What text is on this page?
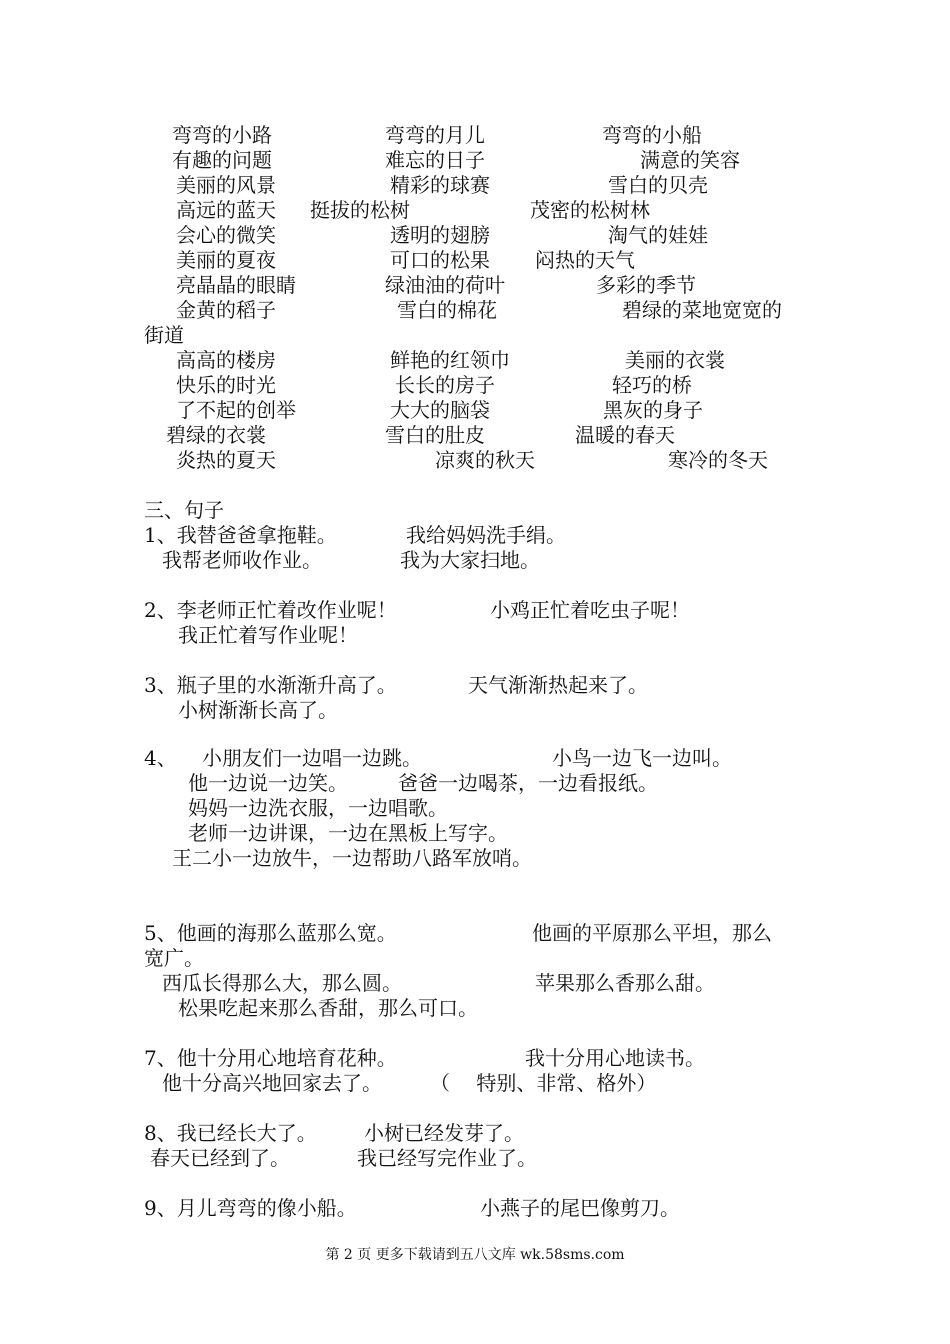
弯弯的小路	弯弯的月儿	弯弯的小船
有趣的问题	难忘的日子	满意的笑容
美丽的风景	精彩的球赛	雪白的贝壳
高远的蓝天 挺拔的松树	茂密的松树林
会心的微笑	透明的翅膀	淘气的娃娃
美丽的夏夜	可口的松果 闷热的天气
亮晶晶的眼睛	绿油油的荷叶	多彩的季节
金黄的稻子	雪白的棉花	碧绿的菜地宽宽的
街道
高高的楼房	鲜艳的红领巾	美丽的衣裳
快乐的时光	长长的房子	轻巧的桥
了不起的创举	大大的脑袋	黑灰的身子
碧绿的衣裳	雪白的肚皮	温暖的春天
炎热的夏天	凉爽的秋天	寒冷的冬天
三、句子
1、我替爸爸拿拖鞋。	我给妈妈洗手绢。
我帮老师收作业。	我为大家扫地。
2、李老师正忙着改作业呢！	小鸡正忙着吃虫子呢！
我正忙着写作业呢！
3、瓶子里的水渐渐升高了。	天气渐渐热起来了。
小树渐渐长高了。
4、 小朋友们一边唱一边跳。	小鸟一边飞一边叫。
他一边说一边笑。	爸爸一边喝茶，一边看报纸。
妈妈一边洗衣服，一边唱歌。
老师一边讲课，一边在黑板上写字。
王二小一边放牛，一边帮助八路军放哨。
5、他画的海那么蓝那么宽。	他画的平原那么平坦，那么
宽广。
西瓜长得那么大，那么圆。	苹果那么香那么甜。
松果吃起来那么香甜，那么可口。
7、他十分用心地培育花种。	我十分用心地读书。
他十分高兴地回家去了。 （　 特别、非常、格外）
8、我已经长大了。 小树已经发芽了。
春天已经到了。	我已经写完作业了。
9、月儿弯弯的像小船。	小燕子的尾巴像剪刀。
第 2 页 更多下载请到五八文库 wk.58sms.com
